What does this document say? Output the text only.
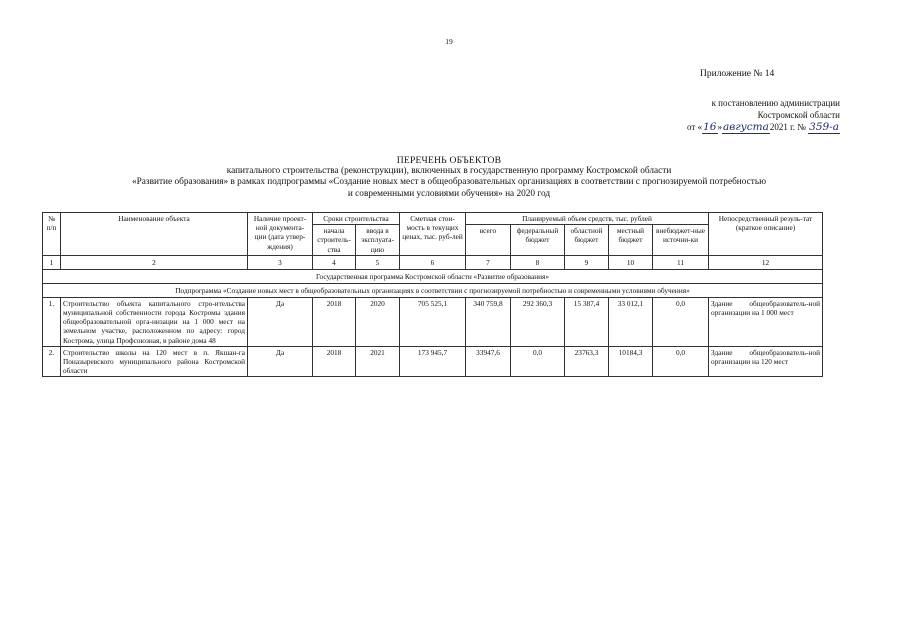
19
Приложение № 14
к постановлению администрации
Костромской области
от «16»августа2021 г. № 359-а
ПЕРЕЧЕНЬ ОБЪЕКТОВ
капитального строительства (реконструкции), включенных в государственную программу Костромской области
«Развитие образования» в рамках подпрограммы «Создание новых мест в общеобразовательных организациях в соответствии с прогнозируемой потребностью
и современными условиями обучения» на 2020 год
№ п/п	Наименование объекта	Наличие проект-ной документа-ции (дата утвер-ждения)	Сроки строительства		Сметная стои-мость в текущих ценах, тыс. руб-лей	Планируемый объем средств, тыс. рублей					Непосредственный резуль-тат (краткое описание)
			начала строитель-ства	ввода в эксплуата-цию		всего	федеральный бюджет	областной бюджет	местный бюджет	внебюджет-ные источни-ки	
1	2	3	4	5	6	7	8	9	10	11	12
Государственная программа Костромской области «Развитие образования»											
Подпрограмма «Создание новых мест в общеобразовательных организациях в соответствии с прогнозируемой потребностью и современными условиями обучения»											
1.	Строительство объекта капитального стро-ительства муниципальной собственности города Костромы здания общеобразовательной орга-низации на 1 000 мест на земельном участке, расположенном по адресу: город Кострома, улица Профсоюзная, в районе дома 48	Да	2018	2020	705 525,1	340 759,8	292 360,3	15 387,4	33 012,1	0,0	Здание общеобразователь-ной организации на 1 000 мест
2.	Строительство школы на 120 мест в п. Якшан-га Поназыревского муниципального района Костромской области	Да	2018	2021	173 945,7	33947,6	0,0	23763,3	10184,3	0,0	Здание общеобразователь-ной организации на 120 мест
